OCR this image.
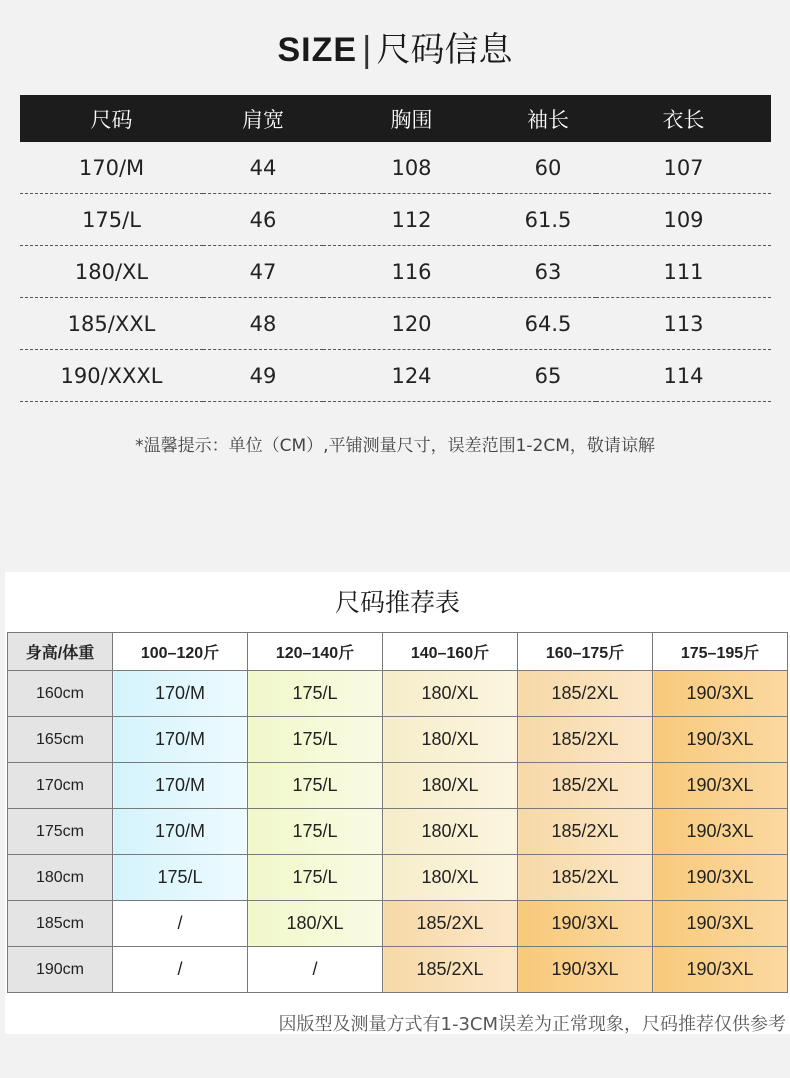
SIZE | 尺码信息
尺码	肩宽	胸围	袖长	衣长
170/M	44	108	60	107
175/L	46	112	61.5	109
180/XL	47	116	63	111
185/XXL	48	120	64.5	113
190/XXXL	49	124	65	114
*温馨提示：单位（CM）,平铺测量尺寸，误差范围1-2CM，敬请谅解
尺码推荐表
身高/体重	100–120斤	120–140斤	140–160斤	160–175斤	175–195斤
160cm	170/M	175/L	180/XL	185/2XL	190/3XL
165cm	170/M	175/L	180/XL	185/2XL	190/3XL
170cm	170/M	175/L	180/XL	185/2XL	190/3XL
175cm	170/M	175/L	180/XL	185/2XL	190/3XL
180cm	175/L	175/L	180/XL	185/2XL	190/3XL
185cm	/	180/XL	185/2XL	190/3XL	190/3XL
190cm	/	/	185/2XL	190/3XL	190/3XL
因版型及测量方式有1-3CM误差为正常现象，尺码推荐仅供参考
